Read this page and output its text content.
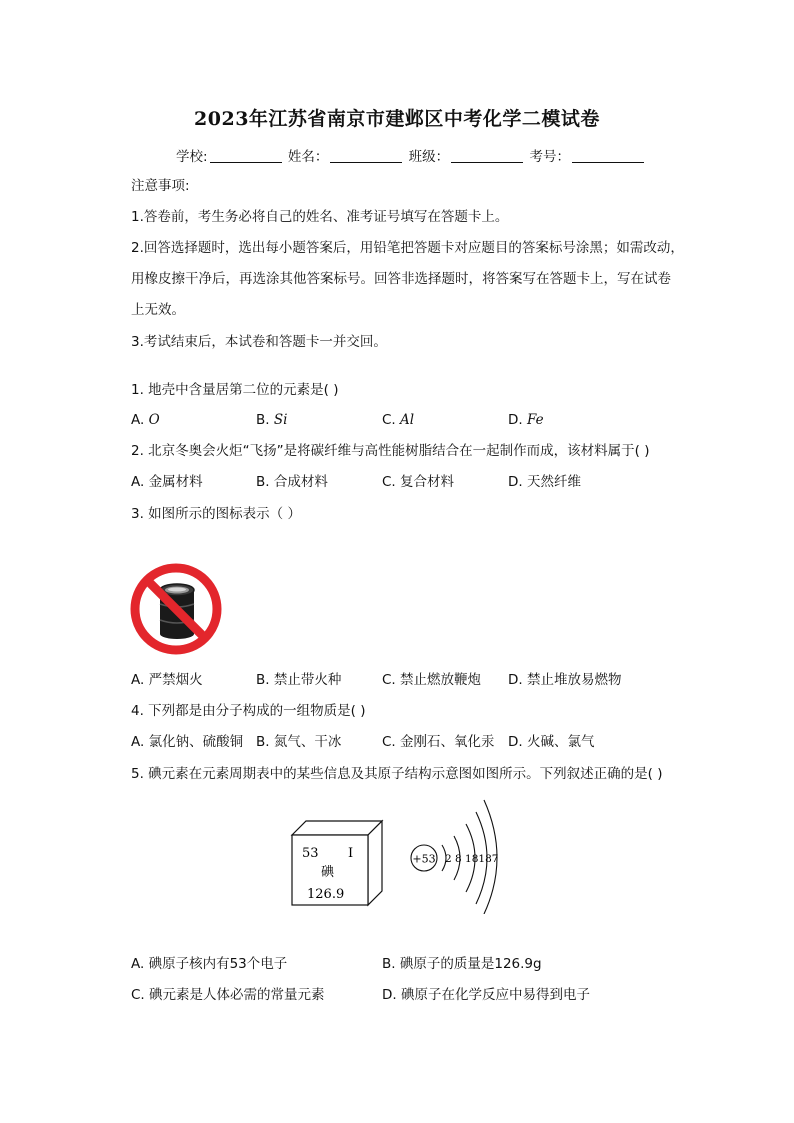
2023年江苏省南京市建邺区中考化学二模试卷
学校:	姓名：	班级：	考号：
注意事项:
1.答卷前，考生务必将自己的姓名、准考证号填写在答题卡上。
2.回答选择题时，选出每小题答案后，用铅笔把答题卡对应题目的答案标号涂黑；如需改动，
用橡皮擦干净后，再选涂其他答案标号。回答非选择题时，将答案写在答题卡上，写在试卷
上无效。
3.考试结束后，本试卷和答题卡一并交回。
1. 地壳中含量居第二位的元素是( )
A. O	B. Si	C. Al	D. Fe
2. 北京冬奥会火炬“飞扬”是将碳纤维与高性能树脂结合在一起制作而成，该材料属于( )
A. 金属材料	B. 合成材料	C. 复合材料	D. 天然纤维
3. 如图所示的图标表示（ ）
A. 严禁烟火	B. 禁止带火种	C. 禁止燃放鞭炮 D. 禁止堆放易燃物
4. 下列都是由分子构成的一组物质是( )
A. 氯化钠、硫酸铜 B. 氮气、干冰	C. 金刚石、氧化汞 D. 火碱、氯气
5. 碘元素在元素周期表中的某些信息及其原子结构示意图如图所示。下列叙述正确的是( )
53 I
碘
126.9
+53 2 8 18187
A. 碘原子核内有53个电子	B. 碘原子的质量是126.9g
C. 碘元素是人体必需的常量元素	D. 碘原子在化学反应中易得到电子
